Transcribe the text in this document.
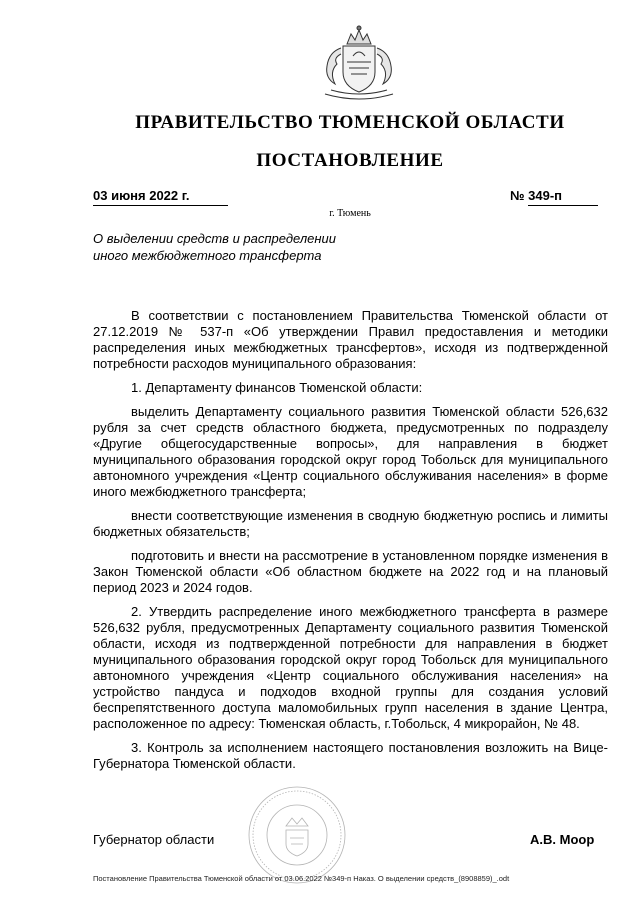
ПРАВИТЕЛЬСТВО ТЮМЕНСКОЙ ОБЛАСТИ
ПОСТАНОВЛЕНИЕ
03 июня 2022 г.	№ 349-п
г. Тюмень
О выделении средств и распределении
иного межбюджетного трансферта

В соответствии с постановлением Правительства Тюменской области от 27.12.2019 № 537-п «Об утверждении Правил предоставления и методики распределения иных межбюджетных трансфертов», исходя из подтвержденной потребности расходов муниципального образования:

1. Департаменту финансов Тюменской области:

выделить Департаменту социального развития Тюменской области 526,632 рубля за счет средств областного бюджета, предусмотренных по подразделу «Другие общегосударственные вопросы», для направления в бюджет муниципального образования городской округ город Тобольск для муниципального автономного учреждения «Центр социального обслуживания населения» в форме иного межбюджетного трансферта;

внести соответствующие изменения в сводную бюджетную роспись и лимиты бюджетных обязательств;

подготовить и внести на рассмотрение в установленном порядке изменения в Закон Тюменской области «Об областном бюджете на 2022 год и на плановый период 2023 и 2024 годов.

2. Утвердить распределение иного межбюджетного трансферта в размере 526,632 рубля, предусмотренных Департаменту социального развития Тюменской области, исходя из подтвержденной потребности для направления в бюджет муниципального образования городской округ город Тобольск для муниципального автономного учреждения «Центр социального обслуживания населения» на устройство пандуса и подходов входной группы для создания условий беспрепятственного доступа маломобильных групп населения в здание Центра, расположенное по адресу: Тюменская область, г.Тобольск, 4 микрорайон, № 48.

3. Контроль за исполнением настоящего постановления возложить на Вице- Губернатора Тюменской области.

Губернатор области	А.В. Моор
Постановление Правительства Тюменской области от 03.06.2022 №349-п Наказ. О выделении средств_(8908859)_.odt
